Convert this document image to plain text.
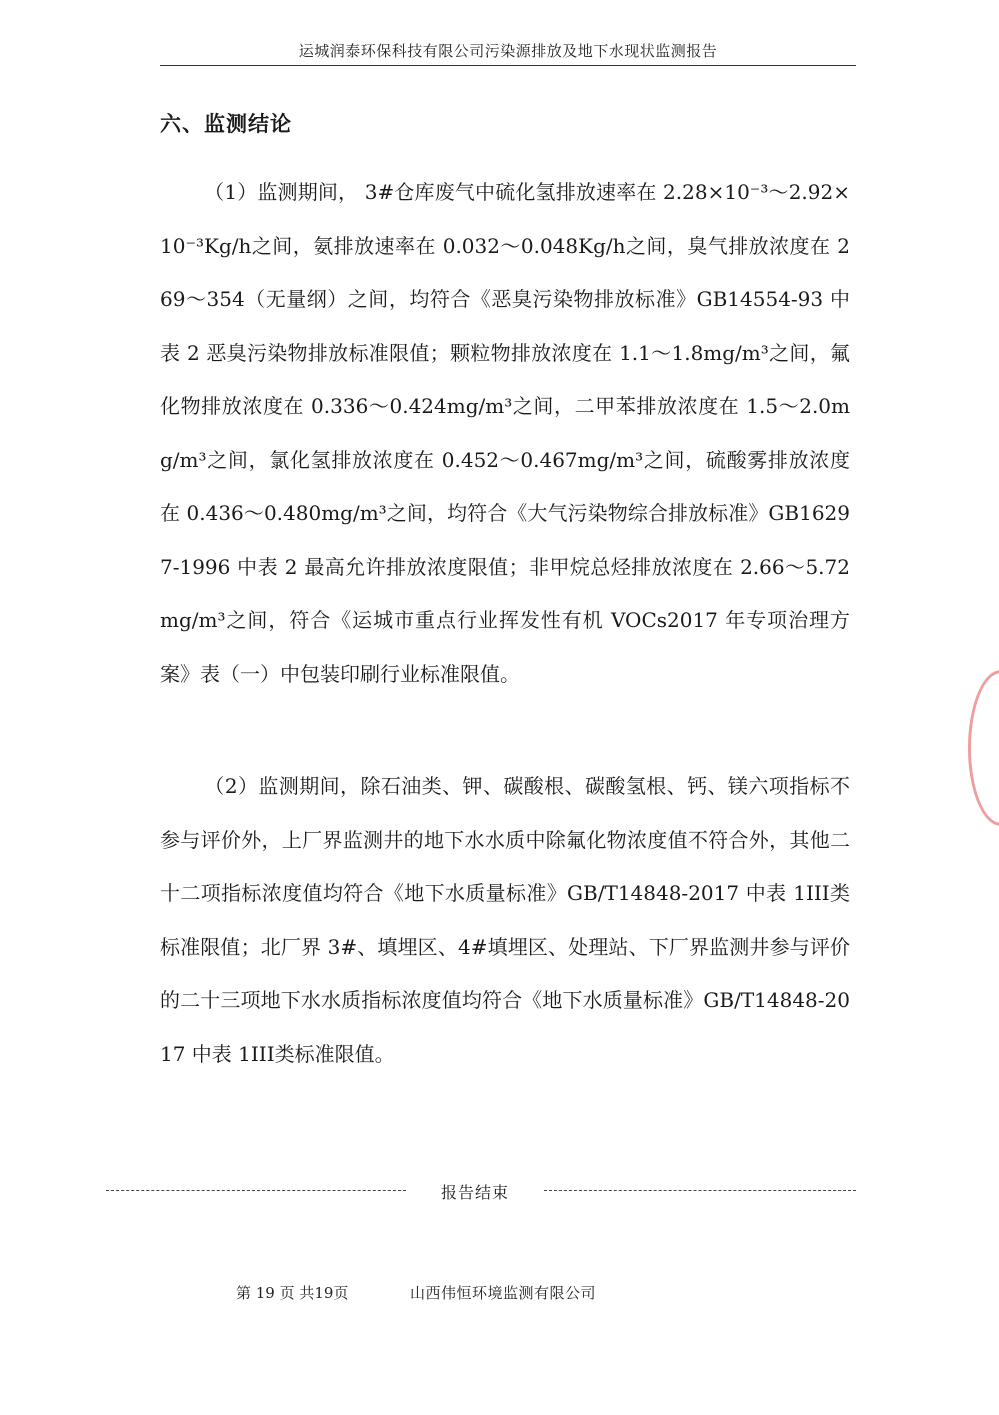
运城润泰环保科技有限公司污染源排放及地下水现状监测报告
六、监测结论

（1）监测期间， 3#仓库废气中硫化氢排放速率在 2.28×10⁻³～2.92×10⁻³Kg/h之间，氨排放速率在 0.032～0.048Kg/h之间，臭气排放浓度在 269～354（无量纲）之间，均符合《恶臭污染物排放标准》GB14554-93 中表 2 恶臭污染物排放标准限值；颗粒物排放浓度在 1.1～1.8mg/m³之间，氟化物排放浓度在 0.336～0.424mg/m³之间，二甲苯排放浓度在 1.5～2.0mg/m³之间，氯化氢排放浓度在 0.452～0.467mg/m³之间，硫酸雾排放浓度在 0.436～0.480mg/m³之间，均符合《大气污染物综合排放标准》GB16297-1996 中表 2 最高允许排放浓度限值；非甲烷总烃排放浓度在 2.66～5.72mg/m³之间，符合《运城市重点行业挥发性有机 VOCs2017 年专项治理方案》表（一）中包装印刷行业标准限值。

（2）监测期间，除石油类、钾、碳酸根、碳酸氢根、钙、镁六项指标不参与评价外，上厂界监测井的地下水水质中除氟化物浓度值不符合外，其他二十二项指标浓度值均符合《地下水质量标准》GB/T14848-2017 中表 1III类标准限值；北厂界 3#、填埋区、4#填埋区、处理站、下厂界监测井参与评价的二十三项地下水水质指标浓度值均符合《地下水质量标准》GB/T14848-2017 中表 1III类标准限值。

报告结束
第 19 页 共19页	山西伟恒环境监测有限公司
